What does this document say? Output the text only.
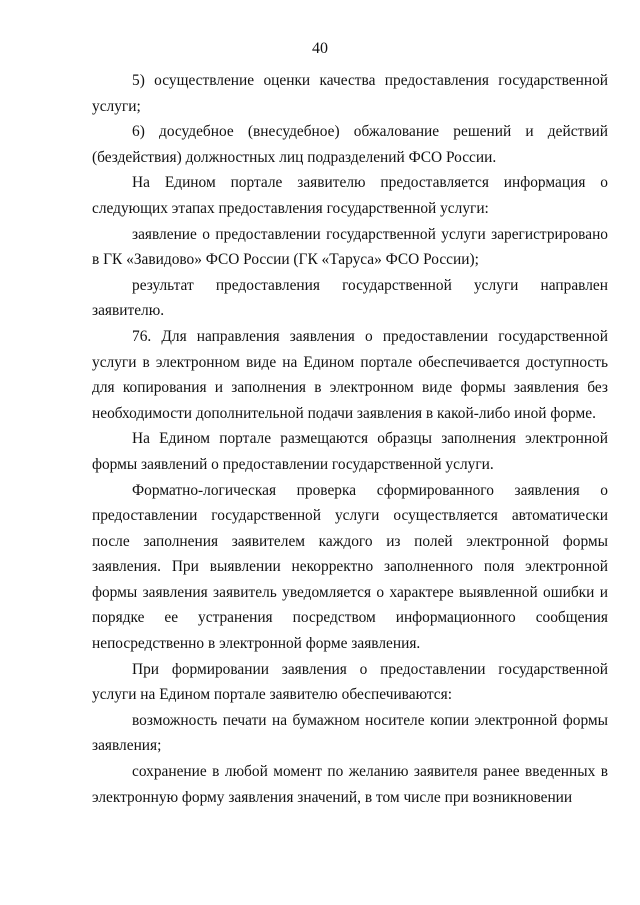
40

5) осуществление оценки качества предоставления государственной услуги;

6) досудебное (внесудебное) обжалование решений и действий (бездействия) должностных лиц подразделений ФСО России.

На Едином портале заявителю предоставляется информация о следующих этапах предоставления государственной услуги:

заявление о предоставлении государственной услуги зарегистрировано в ГК «Завидово» ФСО России (ГК «Таруса» ФСО России);

результат предоставления государственной услуги направлен заявителю.

76. Для направления заявления о предоставлении государственной услуги в электронном виде на Едином портале обеспечивается доступность для копирования и заполнения в электронном виде формы заявления без необходимости дополнительной подачи заявления в какой-либо иной форме.

На Едином портале размещаются образцы заполнения электронной формы заявлений о предоставлении государственной услуги.

Форматно-логическая проверка сформированного заявления о предоставлении государственной услуги осуществляется автоматически после заполнения заявителем каждого из полей электронной формы заявления. При выявлении некорректно заполненного поля электронной формы заявления заявитель уведомляется о характере выявленной ошибки и порядке ее устранения посредством информационного сообщения непосредственно в электронной форме заявления.

При формировании заявления о предоставлении государственной услуги на Едином портале заявителю обеспечиваются:

возможность печати на бумажном носителе копии электронной формы заявления;

сохранение в любой момент по желанию заявителя ранее введенных в электронную форму заявления значений, в том числе при возникновении
